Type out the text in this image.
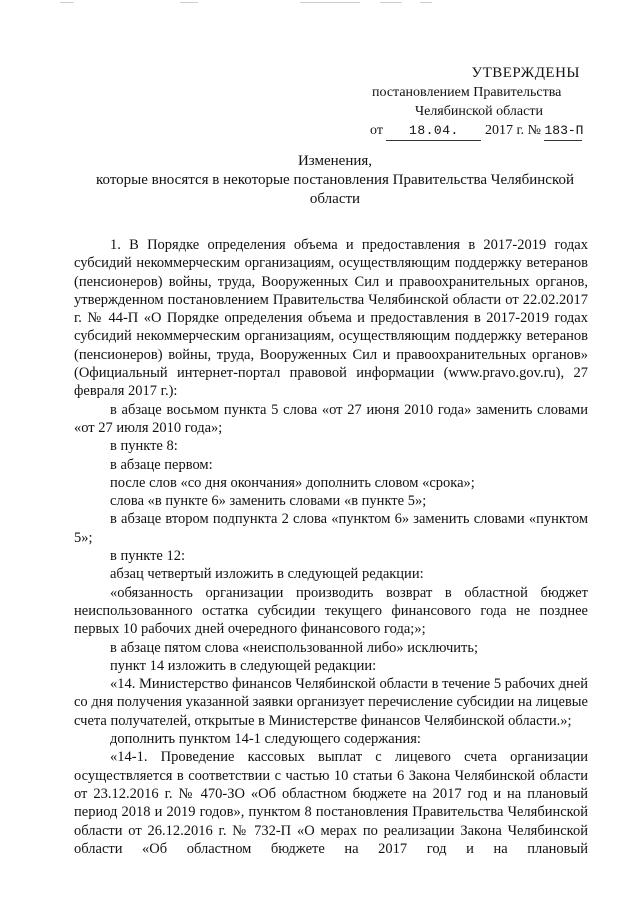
УТВЕРЖДЕНЫ
постановлением Правительства
Челябинской области
от 18.04. 2017 г. № 183-П
Изменения,
которые вносятся в некоторые постановления Правительства Челябинской
области

1. В Порядке определения объема и предоставления в 2017-2019 годах субсидий некоммерческим организациям, осуществляющим поддержку ветеранов (пенсионеров) войны, труда, Вооруженных Сил и правоохранительных органов, утвержденном постановлением Правительства Челябинской области от 22.02.2017 г. № 44-П «О Порядке определения объема и предоставления в 2017-2019 годах субсидий некоммерческим организациям, осуществляющим поддержку ветеранов (пенсионеров) войны, труда, Вооруженных Сил и правоохранительных органов» (Официальный интернет-портал правовой информации (www.pravo.gov.ru), 27 февраля 2017 г.):

в абзаце восьмом пункта 5 слова «от 27 июня 2010 года» заменить словами «от 27 июля 2010 года»;

в пункте 8:

в абзаце первом:

после слов «со дня окончания» дополнить словом «срока»;

слова «в пункте 6» заменить словами «в пункте 5»;

в абзаце втором подпункта 2 слова «пунктом 6» заменить словами «пунктом 5»;

в пункте 12:

абзац четвертый изложить в следующей редакции:

«обязанность организации производить возврат в областной бюджет неиспользованного остатка субсидии текущего финансового года не позднее первых 10 рабочих дней очередного финансового года;»;

в абзаце пятом слова «неиспользованной либо» исключить;

пункт 14 изложить в следующей редакции:

«14. Министерство финансов Челябинской области в течение 5 рабочих дней со дня получения указанной заявки организует перечисление субсидии на лицевые счета получателей, открытые в Министерстве финансов Челябинской области.»;

дополнить пунктом 14-1 следующего содержания:

«14-1. Проведение кассовых выплат с лицевого счета организации осуществляется в соответствии с частью 10 статьи 6 Закона Челябинской области от 23.12.2016 г. № 470-ЗО «Об областном бюджете на 2017 год и на плановый период 2018 и 2019 годов», пунктом 8 постановления Правительства Челябинской области от 26.12.2016 г. № 732-П «О мерах по реализации Закона Челябинской области «Об областном бюджете на 2017 год и на плановый
